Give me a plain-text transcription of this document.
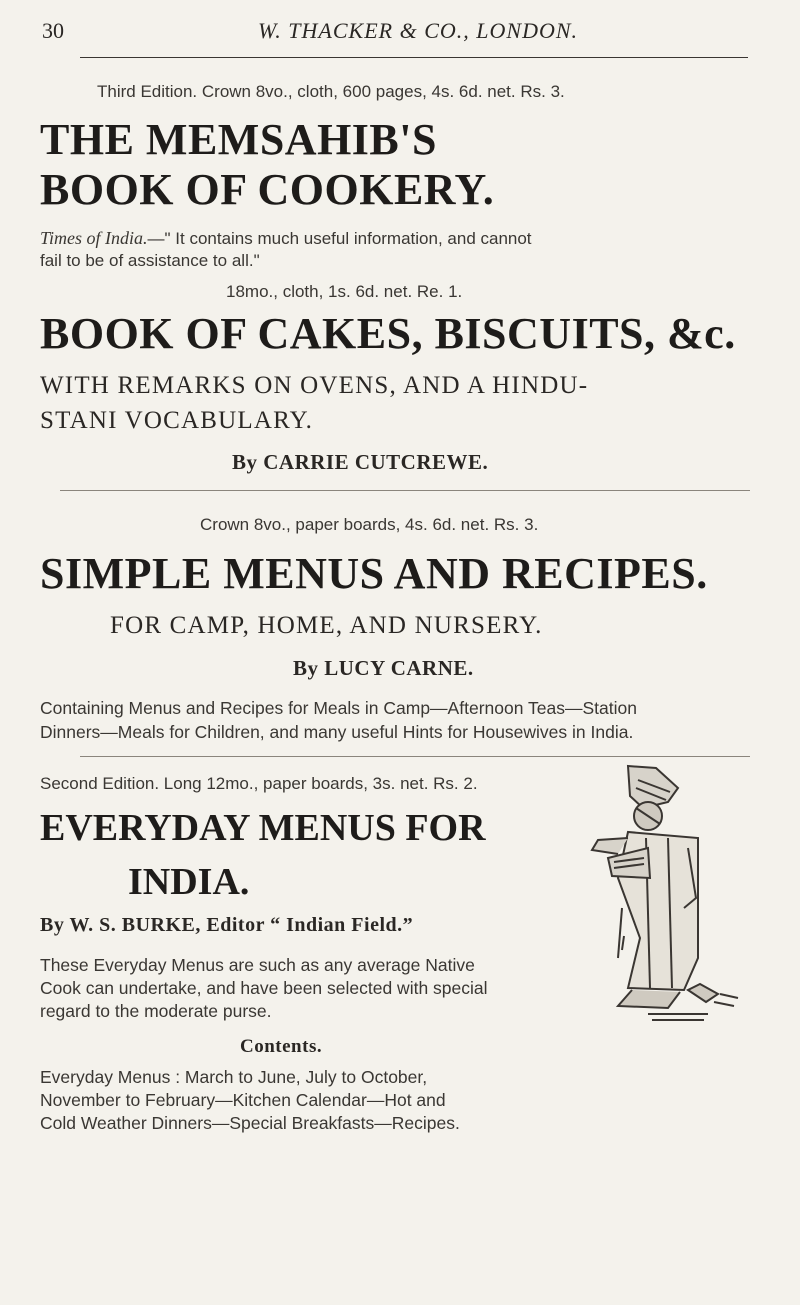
30	W. THACKER & CO., LONDON.
Third Edition. Crown 8vo., cloth, 600 pages, 4s. 6d. net. Rs. 3.
THE MEMSAHIB'S
BOOK OF COOKERY.
Times of India.—" It contains much useful information, and cannot
fail to be of assistance to all."
18mo., cloth, 1s. 6d. net. Re. 1.
BOOK OF CAKES, BISCUITS, &c.
WITH REMARKS ON OVENS, AND A HINDU-
STANI VOCABULARY.
By CARRIE CUTCREWE.
Crown 8vo., paper boards, 4s. 6d. net. Rs. 3.
SIMPLE MENUS AND RECIPES.
FOR CAMP, HOME, AND NURSERY.
By LUCY CARNE.
Containing Menus and Recipes for Meals in Camp—Afternoon Teas—Station
Dinners—Meals for Children, and many useful Hints for Housewives in India.
Second Edition. Long 12mo., paper boards, 3s. net. Rs. 2.
EVERYDAY MENUS FOR
INDIA.
By W. S. BURKE, Editor “ Indian Field.”
These Everyday Menus are such as any average Native
Cook can undertake, and have been selected with special
regard to the moderate purse.
Contents.
Everyday Menus : March to June, July to October,
November to February—Kitchen Calendar—Hot and
Cold Weather Dinners—Special Breakfasts—Recipes.
